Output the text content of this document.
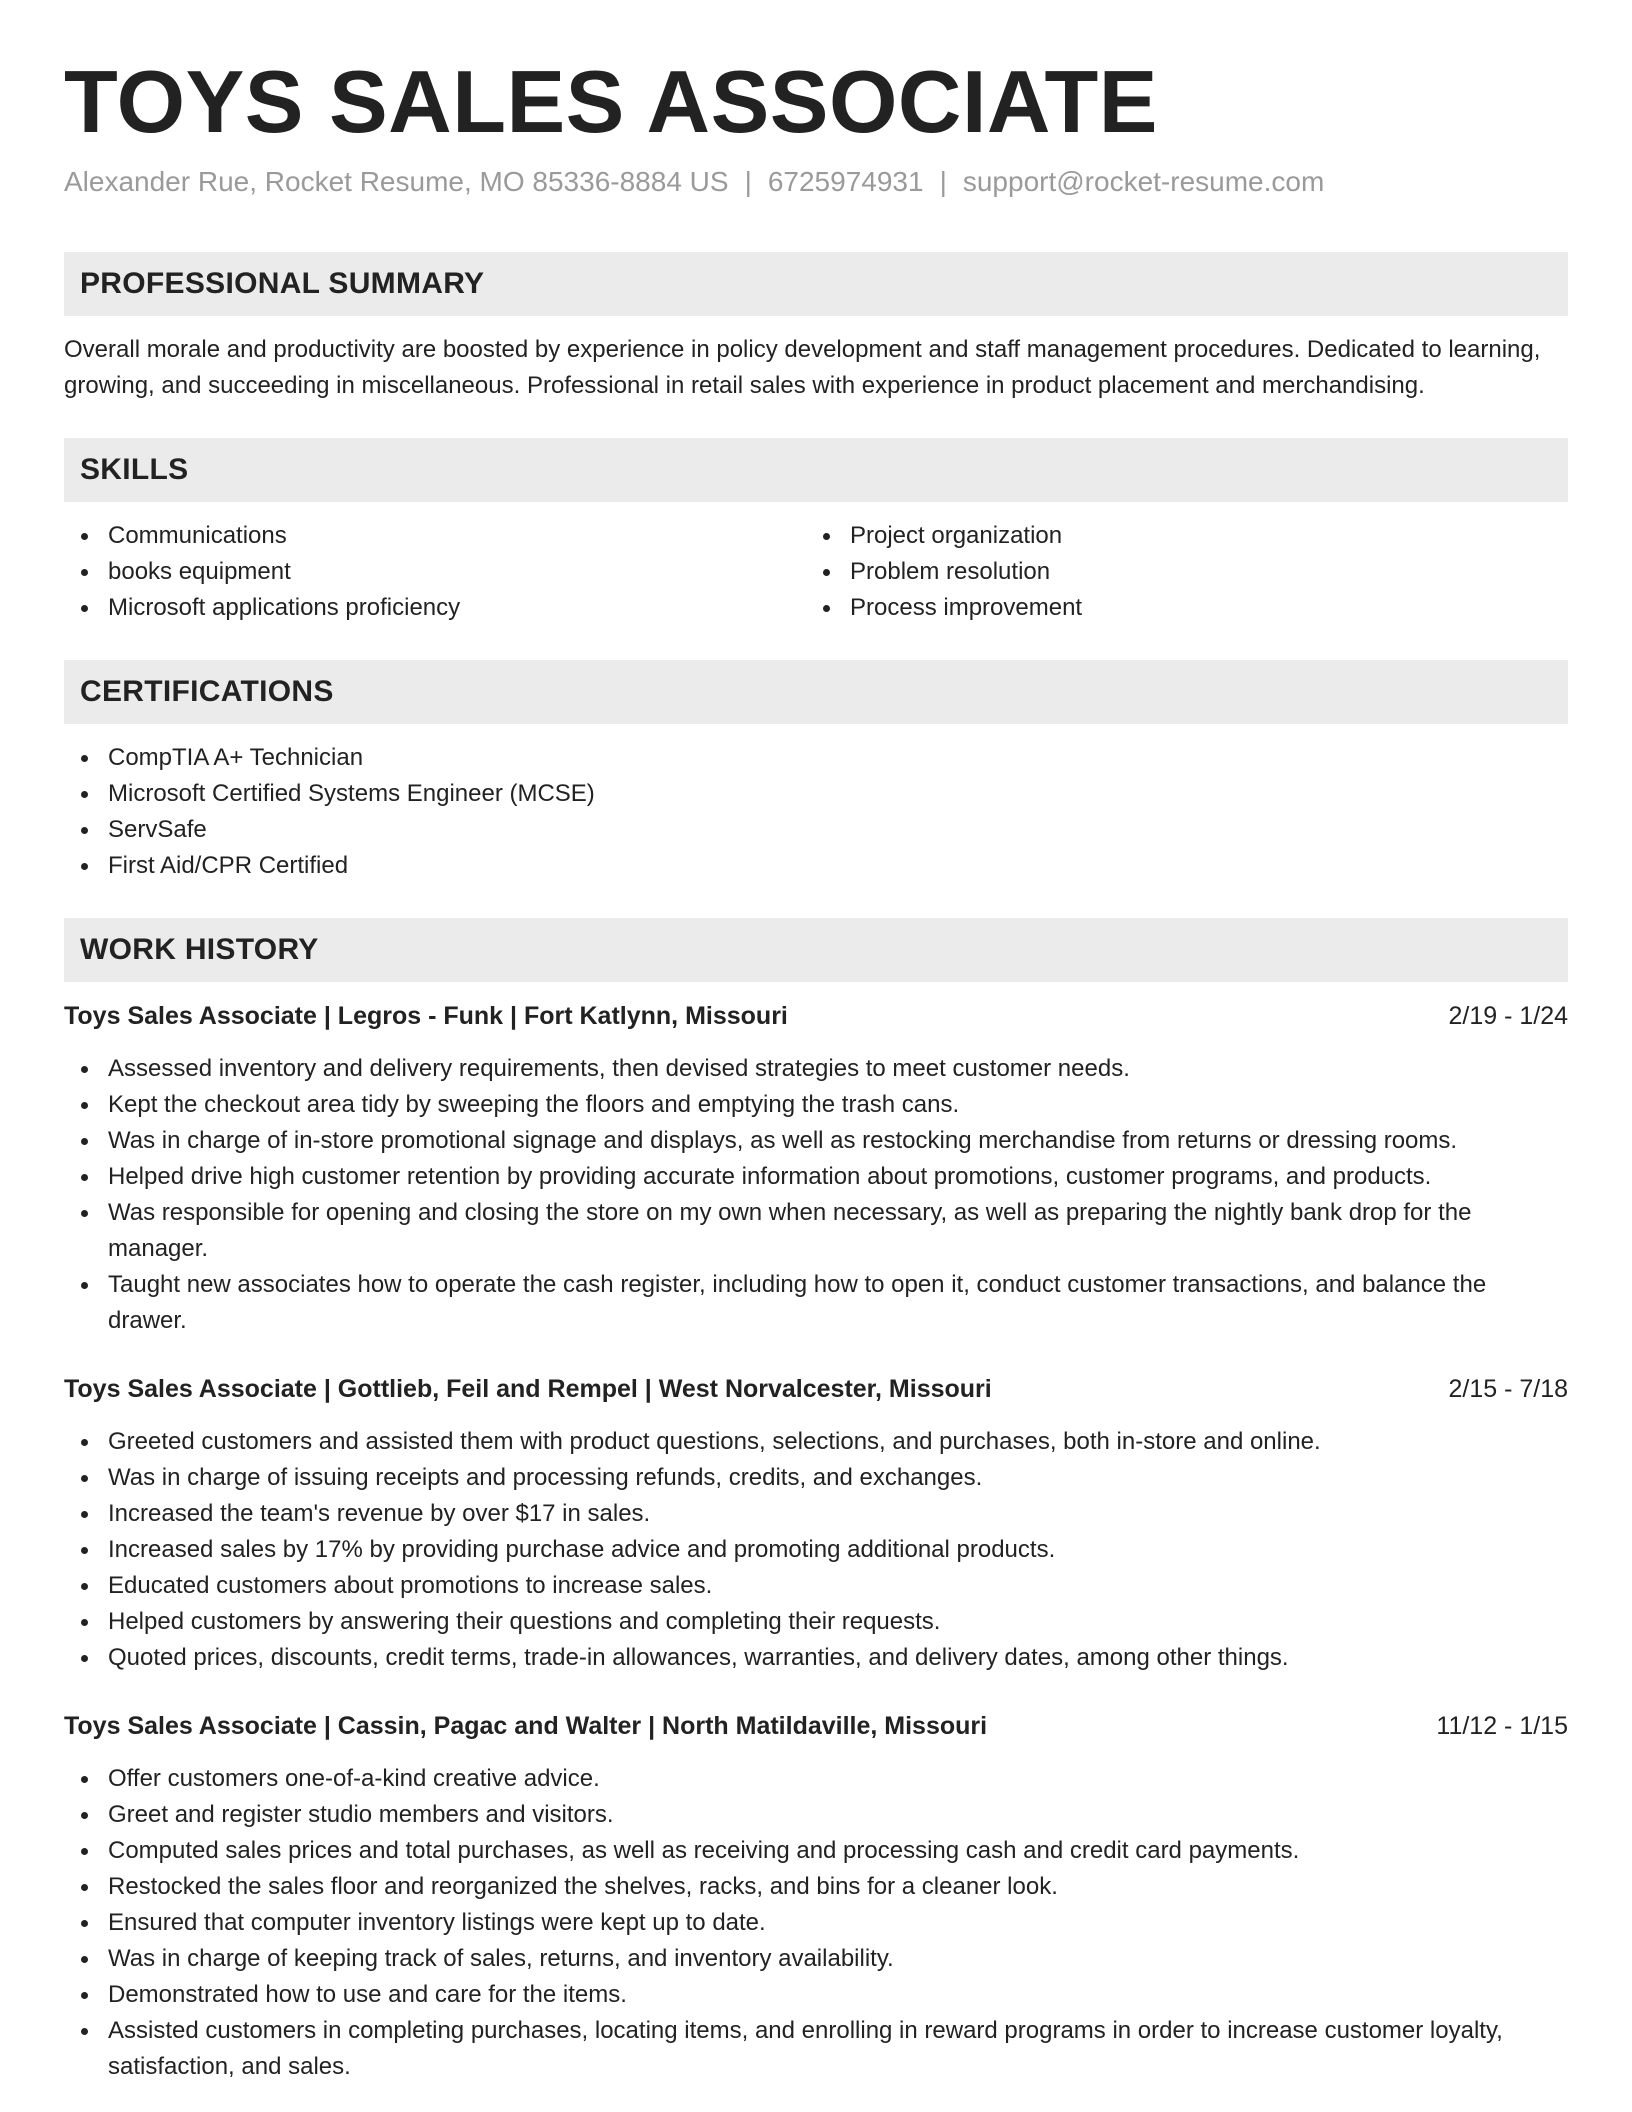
TOYS SALES ASSOCIATE
Alexander Rue, Rocket Resume, MO 85336-8884 US | 6725974931 | support@rocket-resume.com
PROFESSIONAL SUMMARY

Overall morale and productivity are boosted by experience in policy development and staff management procedures. Dedicated to learning, growing, and succeeding in miscellaneous. Professional in retail sales with experience in product placement and merchandising.

SKILLS
Communications
books equipment
Microsoft applications proficiency
Project organization
Problem resolution
Process improvement
CERTIFICATIONS
CompTIA A+ Technician
Microsoft Certified Systems Engineer (MCSE)
ServSafe
First Aid/CPR Certified
WORK HISTORY
Toys Sales Associate | Legros - Funk | Fort Katlynn, Missouri	2/19 - 1/24
Assessed inventory and delivery requirements, then devised strategies to meet customer needs.
Kept the checkout area tidy by sweeping the floors and emptying the trash cans.
Was in charge of in-store promotional signage and displays, as well as restocking merchandise from returns or dressing rooms.
Helped drive high customer retention by providing accurate information about promotions, customer programs, and products.
Was responsible for opening and closing the store on my own when necessary, as well as preparing the nightly bank drop for the manager.
Taught new associates how to operate the cash register, including how to open it, conduct customer transactions, and balance the drawer.
Toys Sales Associate | Gottlieb, Feil and Rempel | West Norvalcester, Missouri	2/15 - 7/18
Greeted customers and assisted them with product questions, selections, and purchases, both in-store and online.
Was in charge of issuing receipts and processing refunds, credits, and exchanges.
Increased the team's revenue by over $17 in sales.
Increased sales by 17% by providing purchase advice and promoting additional products.
Educated customers about promotions to increase sales.
Helped customers by answering their questions and completing their requests.
Quoted prices, discounts, credit terms, trade-in allowances, warranties, and delivery dates, among other things.
Toys Sales Associate | Cassin, Pagac and Walter | North Matildaville, Missouri	11/12 - 1/15
Offer customers one-of-a-kind creative advice.
Greet and register studio members and visitors.
Computed sales prices and total purchases, as well as receiving and processing cash and credit card payments.
Restocked the sales floor and reorganized the shelves, racks, and bins for a cleaner look.
Ensured that computer inventory listings were kept up to date.
Was in charge of keeping track of sales, returns, and inventory availability.
Demonstrated how to use and care for the items.
Assisted customers in completing purchases, locating items, and enrolling in reward programs in order to increase customer loyalty, satisfaction, and sales.
